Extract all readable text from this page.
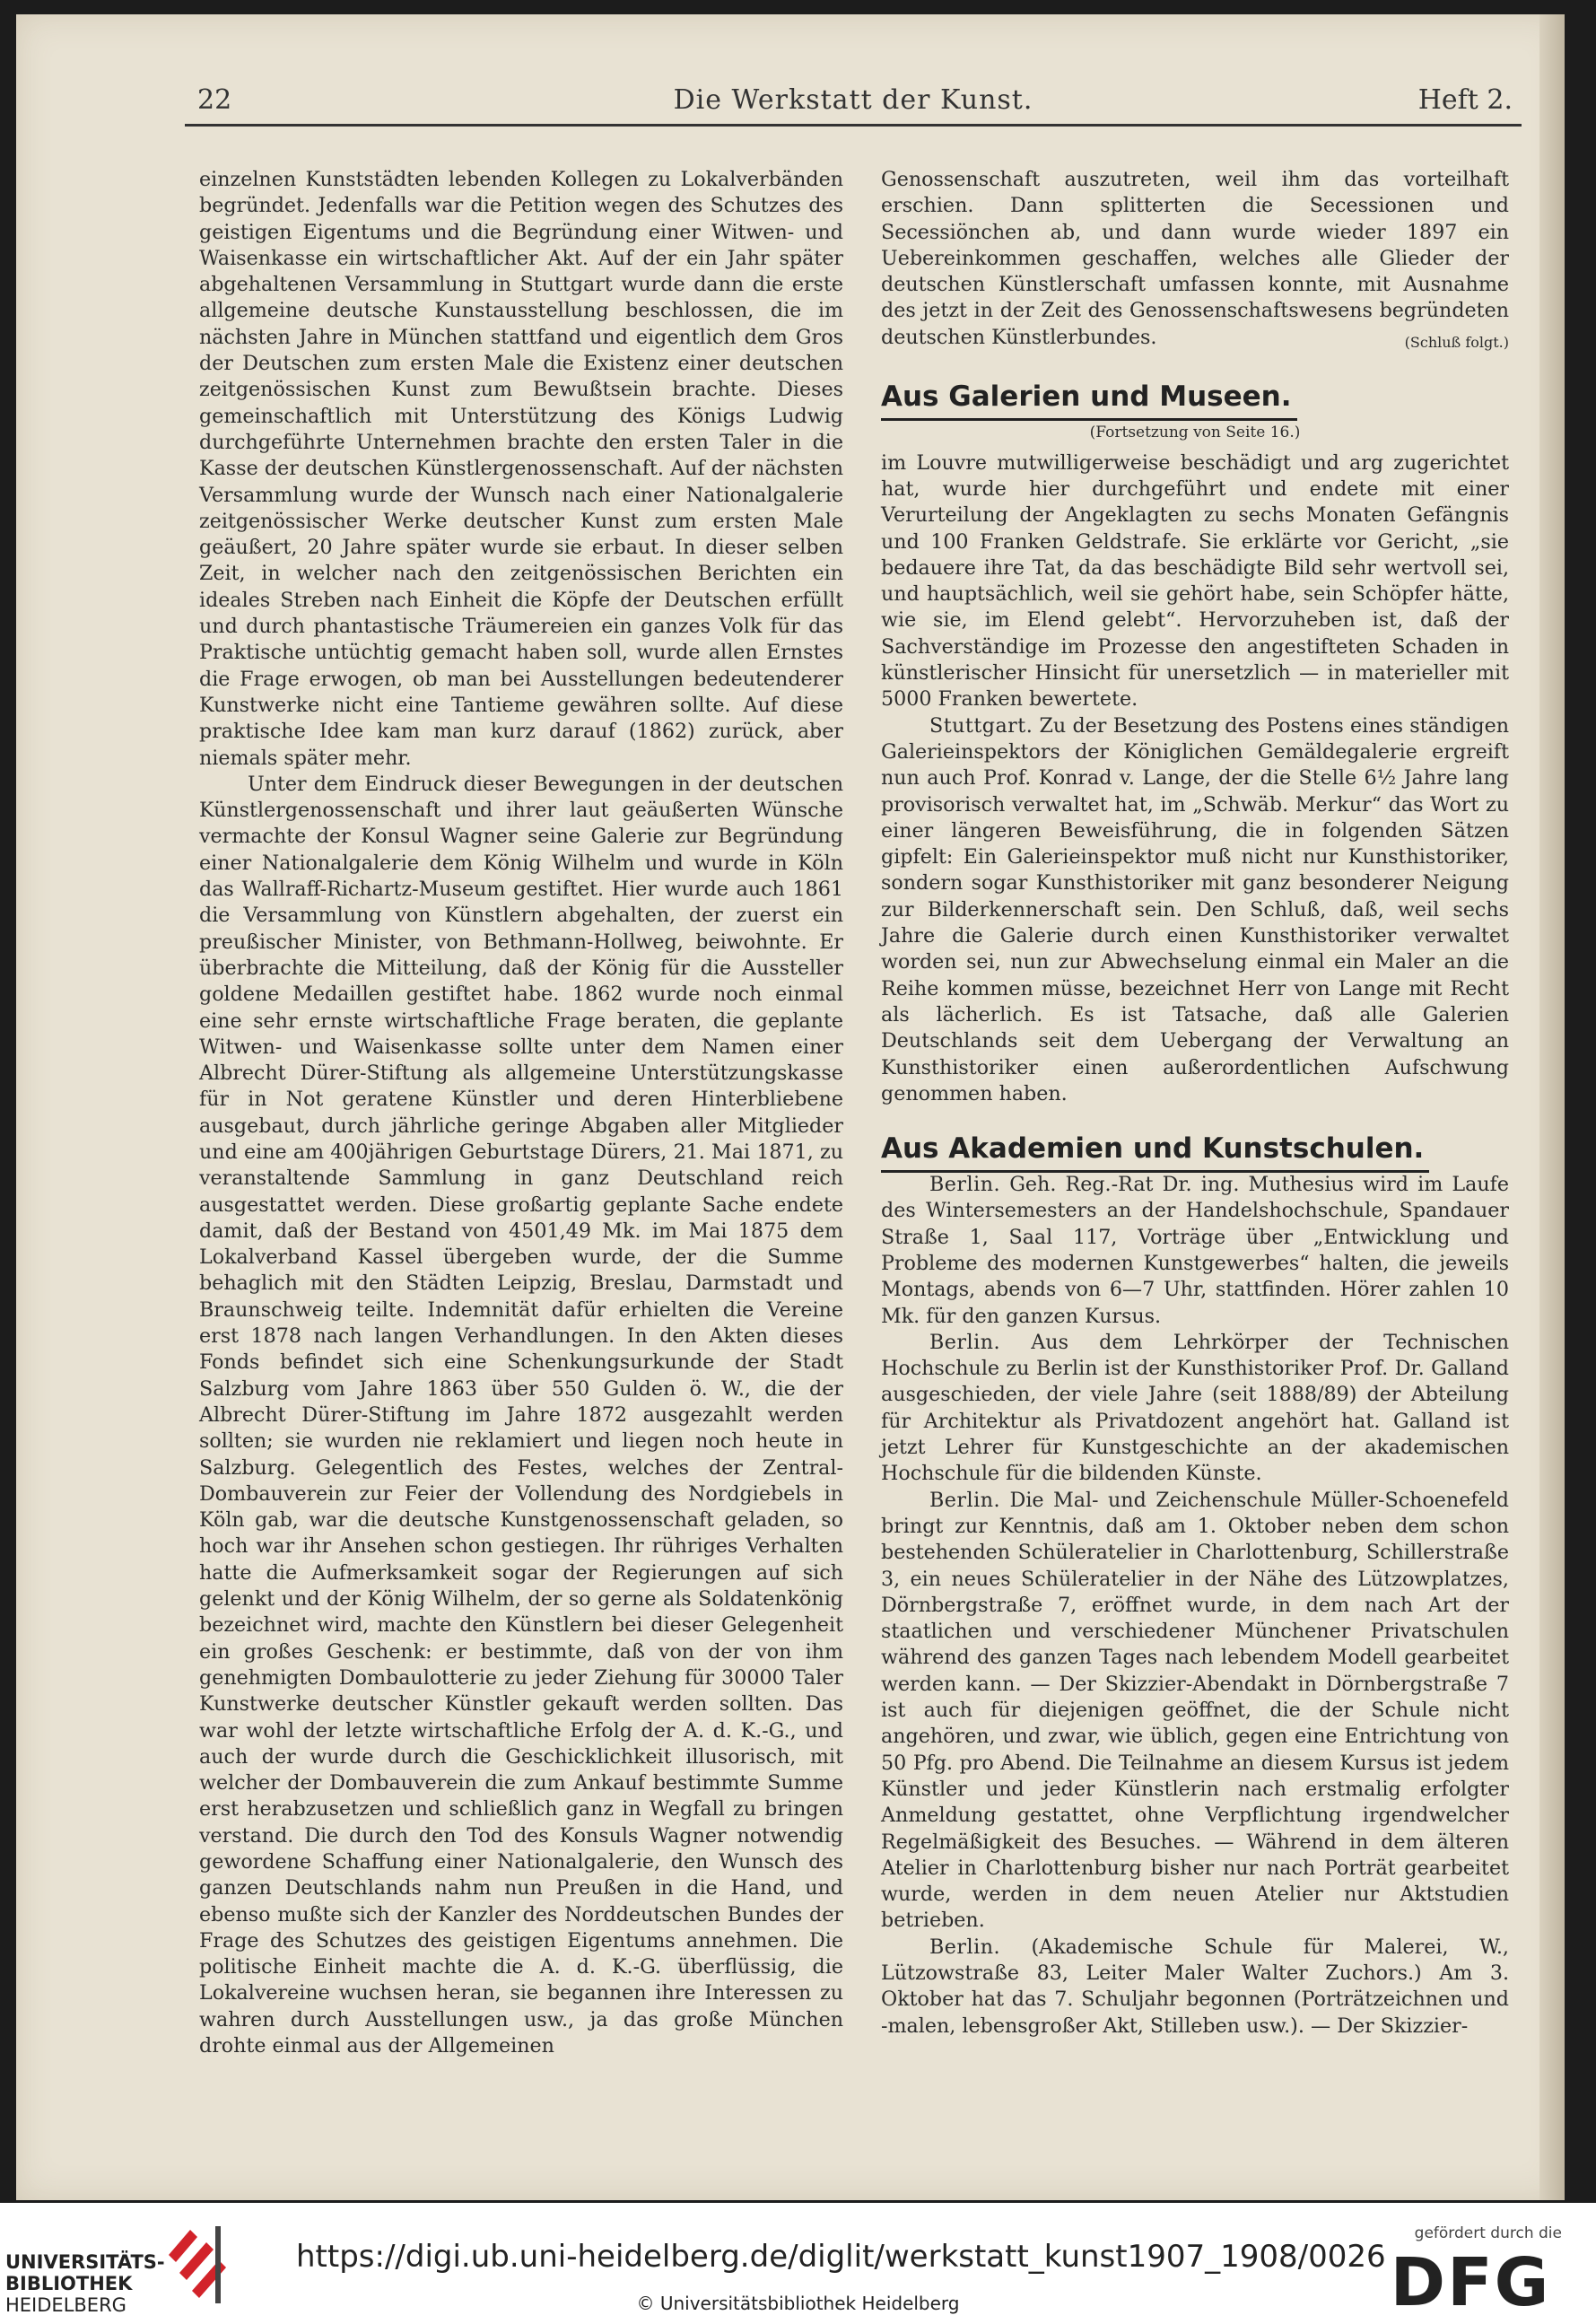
22	Die Werkstatt der Kunst.	Heft 2.

einzelnen Kunststädten lebenden Kollegen zu Lokalverbänden begründet. Jedenfalls war die Petition wegen des Schutzes des geistigen Eigentums und die Begründung einer Witwen- und Waisenkasse ein wirtschaftlicher Akt. Auf der ein Jahr später abgehaltenen Versammlung in Stuttgart wurde dann die erste allgemeine deutsche Kunstausstellung beschlossen, die im nächsten Jahre in München stattfand und eigentlich dem Gros der Deutschen zum ersten Male die Existenz einer deutschen zeitgenössischen Kunst zum Bewußtsein brachte. Dieses gemeinschaftlich mit Unterstützung des Königs Ludwig durchgeführte Unternehmen brachte den ersten Taler in die Kasse der deutschen Künstlergenossenschaft. Auf der nächsten Versammlung wurde der Wunsch nach einer Nationalgalerie zeitgenössischer Werke deutscher Kunst zum ersten Male geäußert, 20 Jahre später wurde sie erbaut. In dieser selben Zeit, in welcher nach den zeitgenössischen Berichten ein ideales Streben nach Einheit die Köpfe der Deutschen erfüllt und durch phantastische Träumereien ein ganzes Volk für das Praktische untüchtig gemacht haben soll, wurde allen Ernstes die Frage erwogen, ob man bei Ausstellungen bedeutenderer Kunstwerke nicht eine Tantieme gewähren sollte. Auf diese praktische Idee kam man kurz darauf (1862) zurück, aber niemals später mehr.

Unter dem Eindruck dieser Bewegungen in der deutschen Künstlergenossenschaft und ihrer laut geäußerten Wünsche vermachte der Konsul Wagner seine Galerie zur Begründung einer Nationalgalerie dem König Wilhelm und wurde in Köln das Wallraff-Richartz-Museum gestiftet. Hier wurde auch 1861 die Versammlung von Künstlern abgehalten, der zuerst ein preußischer Minister, von Bethmann-Hollweg, beiwohnte. Er überbrachte die Mitteilung, daß der König für die Aussteller goldene Medaillen gestiftet habe. 1862 wurde noch einmal eine sehr ernste wirtschaftliche Frage beraten, die geplante Witwen- und Waisenkasse sollte unter dem Namen einer Albrecht Dürer-Stiftung als allgemeine Unterstützungskasse für in Not geratene Künstler und deren Hinterbliebene ausgebaut, durch jährliche geringe Abgaben aller Mitglieder und eine am 400jährigen Geburtstage Dürers, 21. Mai 1871, zu veranstaltende Sammlung in ganz Deutschland reich ausgestattet werden. Diese großartig geplante Sache endete damit, daß der Bestand von 4501,49 Mk. im Mai 1875 dem Lokalverband Kassel übergeben wurde, der die Summe behaglich mit den Städten Leipzig, Breslau, Darmstadt und Braunschweig teilte. Indemnität dafür erhielten die Vereine erst 1878 nach langen Verhandlungen. In den Akten dieses Fonds befindet sich eine Schenkungsurkunde der Stadt Salzburg vom Jahre 1863 über 550 Gulden ö. W., die der Albrecht Dürer-Stiftung im Jahre 1872 ausgezahlt werden sollten; sie wurden nie reklamiert und liegen noch heute in Salzburg. Gelegentlich des Festes, welches der Zentral-Dombauverein zur Feier der Vollendung des Nordgiebels in Köln gab, war die deutsche Kunstgenossenschaft geladen, so hoch war ihr Ansehen schon gestiegen. Ihr rühriges Verhalten hatte die Aufmerksamkeit sogar der Regierungen auf sich gelenkt und der König Wilhelm, der so gerne als Soldatenkönig bezeichnet wird, machte den Künstlern bei dieser Gelegenheit ein großes Geschenk: er bestimmte, daß von der von ihm genehmigten Dombaulotterie zu jeder Ziehung für 30000 Taler Kunstwerke deutscher Künstler gekauft werden sollten. Das war wohl der letzte wirtschaftliche Erfolg der A. d. K.-G., und auch der wurde durch die Geschicklichkeit illusorisch, mit welcher der Dombauverein die zum Ankauf bestimmte Summe erst herabzusetzen und schließlich ganz in Wegfall zu bringen verstand. Die durch den Tod des Konsuls Wagner notwendig gewordene Schaffung einer Nationalgalerie, den Wunsch des ganzen Deutschlands nahm nun Preußen in die Hand, und ebenso mußte sich der Kanzler des Norddeutschen Bundes der Frage des Schutzes des geistigen Eigentums annehmen. Die politische Einheit machte die A. d. K.-G. überflüssig, die Lokalvereine wuchsen heran, sie begannen ihre Interessen zu wahren durch Ausstellungen usw., ja das große München drohte einmal aus der Allgemeinen

Genossenschaft auszutreten, weil ihm das vorteilhaft erschien. Dann splitterten die Secessionen und Secessiönchen ab, und dann wurde wieder 1897 ein Uebereinkommen geschaffen, welches alle Glieder der deutschen Künstlerschaft umfassen konnte, mit Ausnahme des jetzt in der Zeit des Genossenschaftswesens begründeten deutschen Künstlerbundes.	(Schluß folgt.)
Aus Galerien und Museen.
(Fortsetzung von Seite 16.)

im Louvre mutwilligerweise beschädigt und arg zugerichtet hat, wurde hier durchgeführt und endete mit einer Verurteilung der Angeklagten zu sechs Monaten Gefängnis und 100 Franken Geldstrafe. Sie erklärte vor Gericht, „sie bedauere ihre Tat, da das beschädigte Bild sehr wertvoll sei, und hauptsächlich, weil sie gehört habe, sein Schöpfer hätte, wie sie, im Elend gelebt“. Hervorzuheben ist, daß der Sachverständige im Prozesse den angestifteten Schaden in künstlerischer Hinsicht für unersetzlich — in materieller mit 5000 Franken bewertete.

Stuttgart. Zu der Besetzung des Postens eines ständigen Galerieinspektors der Königlichen Gemäldegalerie ergreift nun auch Prof. Konrad v. Lange, der die Stelle 6½ Jahre lang provisorisch verwaltet hat, im „Schwäb. Merkur“ das Wort zu einer längeren Beweisführung, die in folgenden Sätzen gipfelt: Ein Galerieinspektor muß nicht nur Kunsthistoriker, sondern sogar Kunsthistoriker mit ganz besonderer Neigung zur Bilderkennerschaft sein. Den Schluß, daß, weil sechs Jahre die Galerie durch einen Kunsthistoriker verwaltet worden sei, nun zur Abwechselung einmal ein Maler an die Reihe kommen müsse, bezeichnet Herr von Lange mit Recht als lächerlich. Es ist Tatsache, daß alle Galerien Deutschlands seit dem Uebergang der Verwaltung an Kunsthistoriker einen außerordentlichen Aufschwung genommen haben.

Aus Akademien und Kunstschulen.

Berlin. Geh. Reg.-Rat Dr. ing. Muthesius wird im Laufe des Wintersemesters an der Handelshochschule, Spandauer Straße 1, Saal 117, Vorträge über „Entwicklung und Probleme des modernen Kunstgewerbes“ halten, die jeweils Montags, abends von 6—7 Uhr, stattfinden. Hörer zahlen 10 Mk. für den ganzen Kursus.

Berlin. Aus dem Lehrkörper der Technischen Hochschule zu Berlin ist der Kunsthistoriker Prof. Dr. Galland ausgeschieden, der viele Jahre (seit 1888/89) der Abteilung für Architektur als Privatdozent angehört hat. Galland ist jetzt Lehrer für Kunstgeschichte an der akademischen Hochschule für die bildenden Künste.

Berlin. Die Mal- und Zeichenschule Müller-Schoenefeld bringt zur Kenntnis, daß am 1. Oktober neben dem schon bestehenden Schüleratelier in Charlottenburg, Schillerstraße 3, ein neues Schüleratelier in der Nähe des Lützowplatzes, Dörnbergstraße 7, eröffnet wurde, in dem nach Art der staatlichen und verschiedener Münchener Privatschulen während des ganzen Tages nach lebendem Modell gearbeitet werden kann. — Der Skizzier-Abendakt in Dörnbergstraße 7 ist auch für diejenigen geöffnet, die der Schule nicht angehören, und zwar, wie üblich, gegen eine Entrichtung von 50 Pfg. pro Abend. Die Teilnahme an diesem Kursus ist jedem Künstler und jeder Künstlerin nach erstmalig erfolgter Anmeldung gestattet, ohne Verpflichtung irgendwelcher Regelmäßigkeit des Besuches. — Während in dem älteren Atelier in Charlottenburg bisher nur nach Porträt gearbeitet wurde, werden in dem neuen Atelier nur Aktstudien betrieben.

Berlin. (Akademische Schule für Malerei, W., Lützowstraße 83, Leiter Maler Walter Zuchors.) Am 3. Oktober hat das 7. Schuljahr begonnen (Porträtzeichnen und -malen, lebensgroßer Akt, Stilleben usw.). — Der Skizzier-

UNIVERSITÄTS-
BIBLIOTHEK
HEIDELBERG
https://digi.ub.uni-heidelberg.de/diglit/werkstatt_kunst1907_1908/0026
© Universitätsbibliothek Heidelberg
gefördert durch die
DFG
